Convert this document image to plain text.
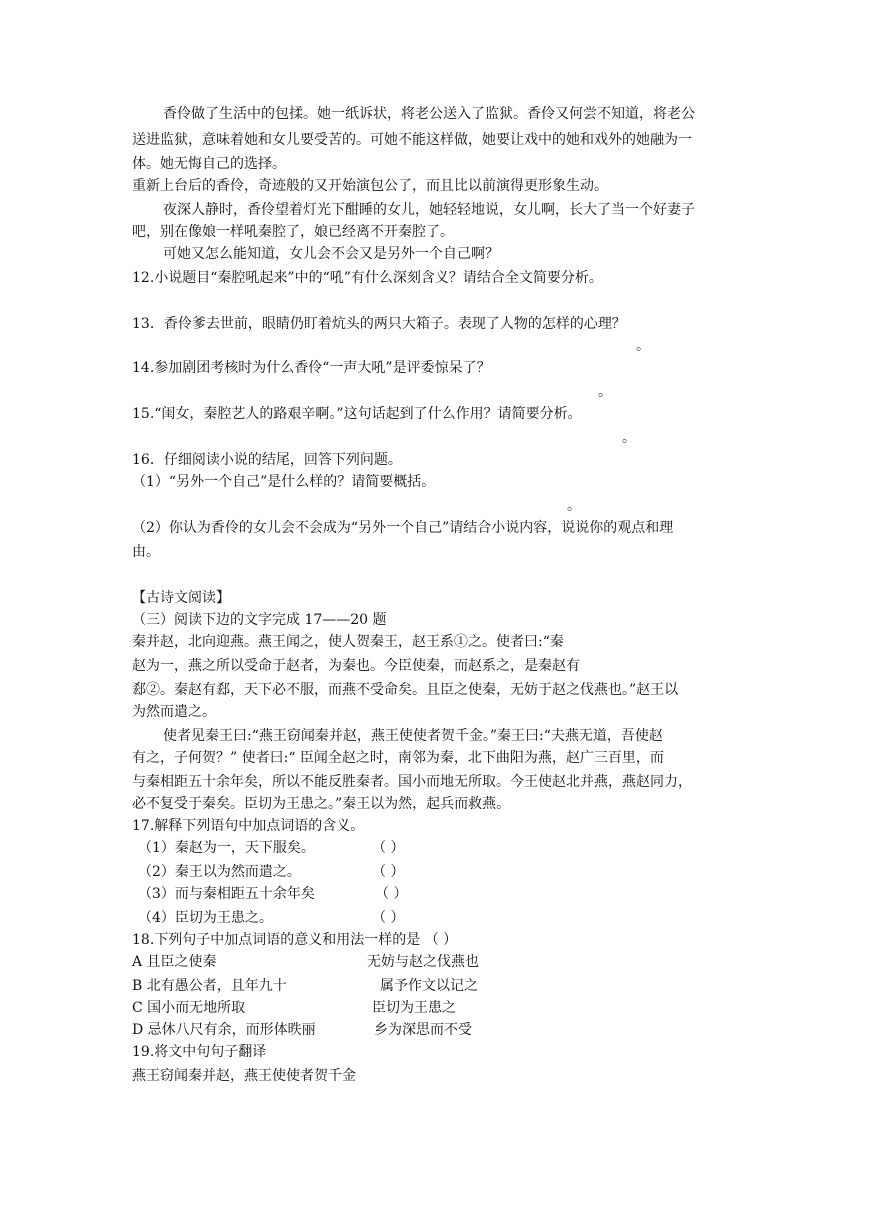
香伶做了生活中的包揉。她一纸诉状，将老公送入了监狱。香伶又何尝不知道，将老公
送进监狱，意味着她和女儿要受苦的。可她不能这样做，她要让戏中的她和戏外的她融为一
体。她无悔自己的选择。
重新上台后的香伶，奇迹般的又开始演包公了，而且比以前演得更形象生动。
夜深人静时，香伶望着灯光下酣睡的女儿，她轻轻地说，女儿啊，长大了当一个好妻子
吧，别在像娘一样吼秦腔了，娘已经离不开秦腔了。
可她又怎么能知道，女儿会不会又是另外一个自己啊？
12.小说题目“秦腔吼起来”中的“吼”有什么深刻含义？请结合全文简要分析。
13．香伶爹去世前，眼睛仍盯着炕头的两只大箱子。表现了人物的怎样的心理？
。
14.参加剧团考核时为什么香伶“一声大吼”是评委惊呆了？
。
15.“闺女，秦腔艺人的路艰辛啊。”这句话起到了什么作用？请简要分析。
。
16．仔细阅读小说的结尾，回答下列问题。
（1）“另外一个自己”是什么样的？请简要概括。
。
（2）你认为香伶的女儿会不会成为“另外一个自己”请结合小说内容，说说你的观点和理
由。
【古诗文阅读】
（三）阅读下边的文字完成 17——20 题
秦并赵，北向迎燕。燕王闻之，使人贺秦王，赵王系①之。使者曰:“秦
赵为一，燕之所以受命于赵者，为秦也。今臣使秦，而赵系之，是秦赵有
郄②。秦赵有郄，天下必不服，而燕不受命矣。且臣之使秦，无妨于赵之伐燕也。”赵王以
为然而遣之。
使者见秦王曰:“燕王窃闻秦并赵，燕王使使者贺千金。”秦王曰:“夫燕无道，吾使赵
有之，子何贺？” 使者曰:“ 臣闻全赵之时，南邻为秦，北下曲阳为燕，赵广三百里，而
与秦相距五十余年矣，所以不能反胜秦者。国小而地无所取。今王使赵北并燕，燕赵同力，
必不复受于秦矣。臣切为王患之。”秦王以为然，起兵而救燕。
17.解释下列语句中加点词语的含义。
（1）秦赵为一，天下服矣。	（ ）
（2）秦王以为然而遣之。	（ ）
（3）而与秦相距五十余年矣	（ ）
（4）臣切为王患之。	（ ）
18.下列句子中加点词语的意义和用法一样的是 （ ）
A 且臣之使秦	无妨与赵之伐燕也
B 北有愚公者，且年九十	属予作文以记之
C 国小而无地所取	臣切为王患之
D 忌休八尺有余，而形体昳丽	乡为深思而不受
19.将文中句句子翻译
燕王窃闻秦并赵，燕王使使者贺千金
